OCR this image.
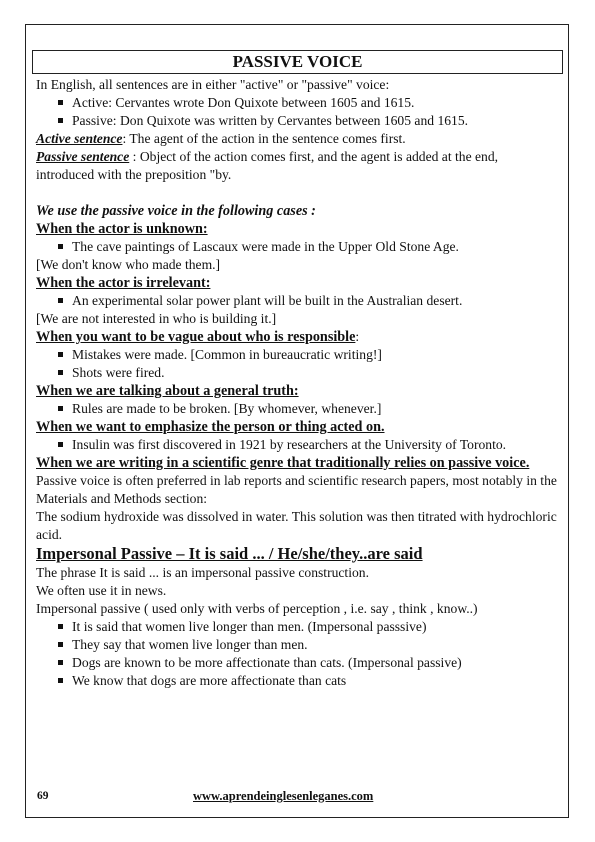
PASSIVE VOICE

In English, all sentences are in either "active" or "passive" voice:

Active: Cervantes wrote Don Quixote between 1605 and 1615.
Passive: Don Quixote was written by Cervantes between 1605 and 1615.

Active sentence: The agent of the action in the sentence comes first.

Passive sentence : Object of the action comes first, and the agent is added at the end, introduced with the preposition "by.

We use the passive voice in the following cases :

When the actor is unknown:

The cave paintings of Lascaux were made in the Upper Old Stone Age.

[We don't know who made them.]

When the actor is irrelevant:

An experimental solar power plant will be built in the Australian desert.

[We are not interested in who is building it.]

When you want to be vague about who is responsible:

Mistakes were made. [Common in bureaucratic writing!]
Shots were fired.

When we are talking about a general truth:

Rules are made to be broken. [By whomever, whenever.]

When we want to emphasize the person or thing acted on.

Insulin was first discovered in 1921 by researchers at the University of Toronto.

When we are writing in a scientific genre that traditionally relies on passive voice. Passive voice is often preferred in lab reports and scientific research papers, most notably in the Materials and Methods section:

The sodium hydroxide was dissolved in water. This solution was then titrated with hydrochloric acid.

Impersonal Passive – It is said ... / He/she/they..are said

The phrase It is said ... is an impersonal passive construction.

We often use it in news.

Impersonal passive ( used only with verbs of perception , i.e. say , think , know..)

It is said that women live longer than men. (Impersonal passsive)
They say that women live longer than men.
Dogs are known to be more affectionate than cats. (Impersonal passive)
We know that dogs are more affectionate than cats
69	www.aprendeinglesenleganes.com
